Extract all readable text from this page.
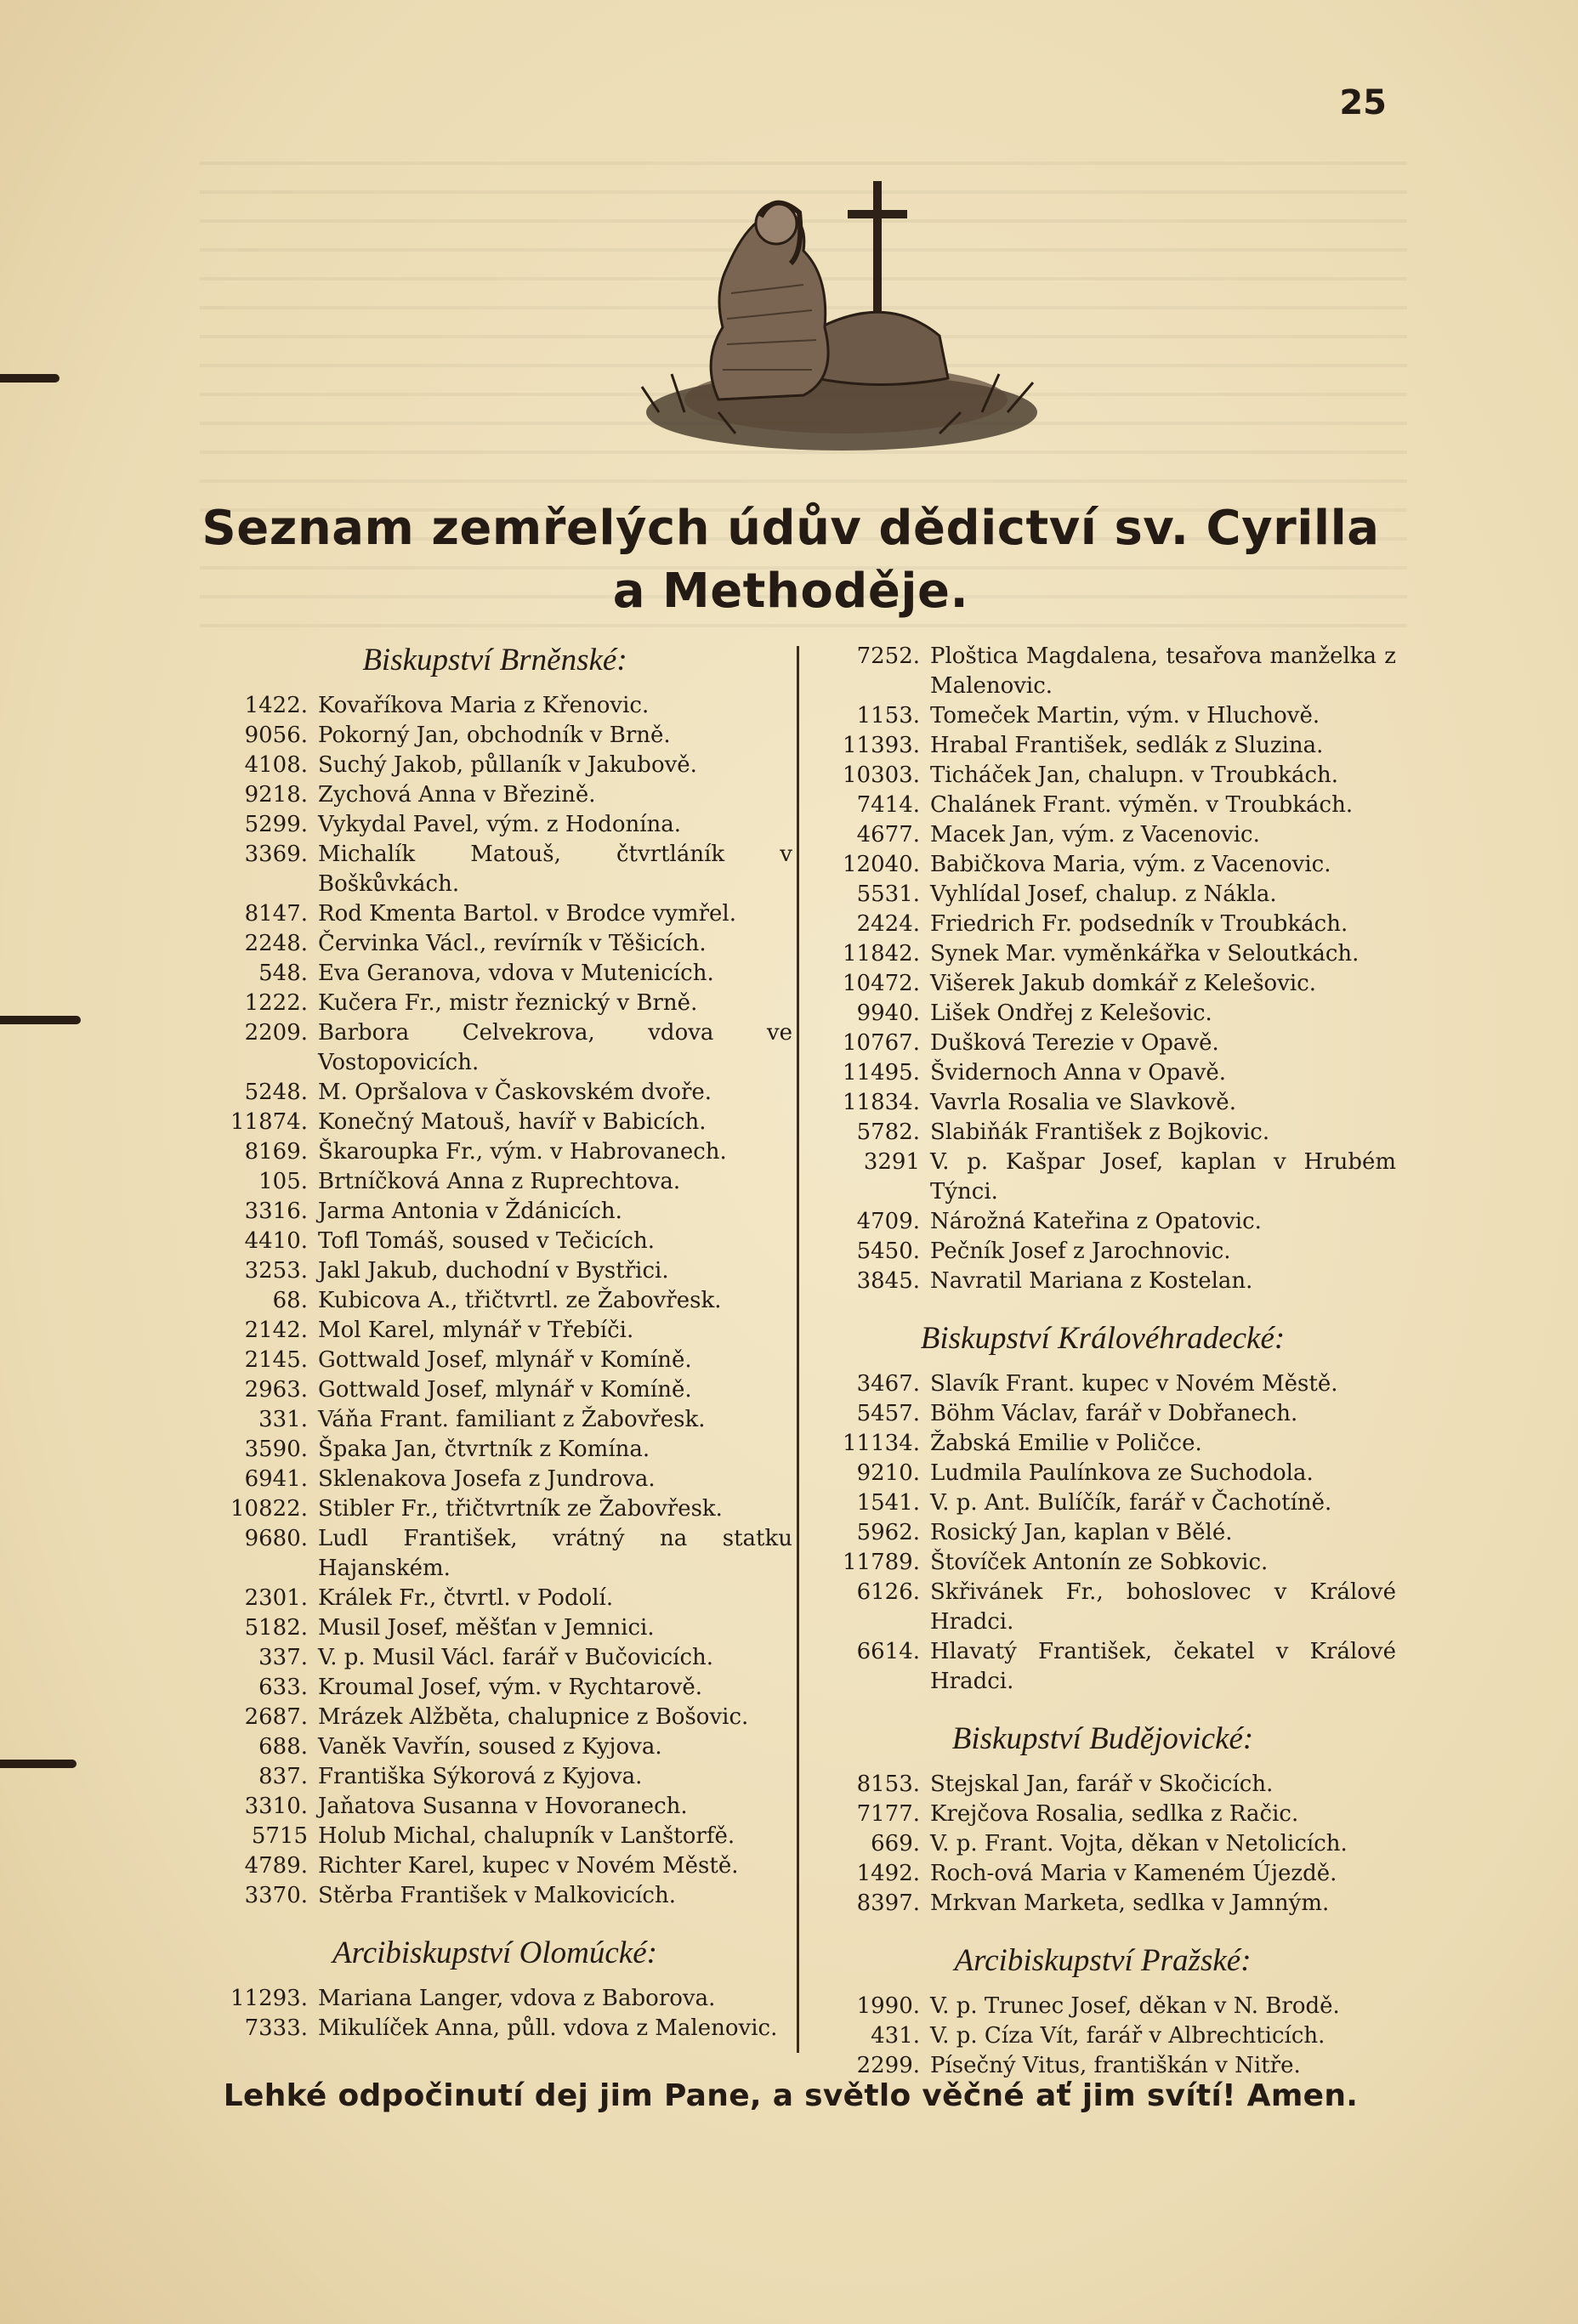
25
Seznam zemřelých údův dědictví sv. Cyrilla
a Methoděje.
Biskupství Brněnské:
1422. Kovaříkova Maria z Křenovic.
9056. Pokorný Jan, obchodník v Brně.
4108. Suchý Jakob, půllaník v Jakubově.
9218. Zychová Anna v Březině.
5299. Vykydal Pavel, vým. z Hodonína.
3369. Michalík Matouš, čtvrtláník v Boškůvkách.
8147. Rod Kmenta Bartol. v Brodce vymřel.
2248. Červinka Václ., revírník v Těšicích.
548. Eva Geranova, vdova v Mutenicích.
1222. Kučera Fr., mistr řeznický v Brně.
2209. Barbora Celvekrova, vdova ve Vostopovicích.
5248. M. Opršalova v Časkovském dvoře.
11874. Konečný Matouš, havíř v Babicích.
8169. Škaroupka Fr., vým. v Habrovanech.
105. Brtníčková Anna z Ruprechtova.
3316. Jarma Antonia v Ždánicích.
4410. Tofl Tomáš, soused v Tečicích.
3253. Jakl Jakub, duchodní v Bystřici.
68. Kubicova A., třičtvrtl. ze Žabovřesk.
2142. Mol Karel, mlynář v Třebíči.
2145. Gottwald Josef, mlynář v Komíně.
2963. Gottwald Josef, mlynář v Komíně.
331. Váňa Frant. familiant z Žabovřesk.
3590. Špaka Jan, čtvrtník z Komína.
6941. Sklenakova Josefa z Jundrova.
10822. Stibler Fr., třičtvrtník ze Žabovřesk.
9680. Ludl František, vrátný na statku Hajanském.
2301. Králek Fr., čtvrtl. v Podolí.
5182. Musil Josef, měšťan v Jemnici.
337. V. p. Musil Václ. farář v Bučovicích.
633. Kroumal Josef, vým. v Rychtarově.
2687. Mrázek Alžběta, chalupnice z Bošovic.
688. Vaněk Vavřín, soused z Kyjova.
837. Františka Sýkorová z Kyjova.
3310. Jaňatova Susanna v Hovoranech.
5715 Holub Michal, chalupník v Lanštorfě.
4789. Richter Karel, kupec v Novém Městě.
3370. Stěrba František v Malkovicích.
Arcibiskupství Olomúcké:
11293. Mariana Langer, vdova z Baborova.
7333. Mikulíček Anna, půll. vdova z Malenovic.
7252. Ploštica Magdalena, tesařova manželka z Malenovic.
1153. Tomeček Martin, vým. v Hluchově.
11393. Hrabal František, sedlák z Sluzina.
10303. Ticháček Jan, chalupn. v Troubkách.
7414. Chalánek Frant. výměn. v Troubkách.
4677. Macek Jan, vým. z Vacenovic.
12040. Babičkova Maria, vým. z Vacenovic.
5531. Vyhlídal Josef, chalup. z Nákla.
2424. Friedrich Fr. podsedník v Troubkách.
11842. Synek Mar. vyměnkářka v Seloutkách.
10472. Višerek Jakub domkář z Kelešovic.
9940. Lišek Ondřej z Kelešovic.
10767. Dušková Terezie v Opavě.
11495. Švidernoch Anna v Opavě.
11834. Vavrla Rosalia ve Slavkově.
5782. Slabiňák František z Bojkovic.
3291 V. p. Kašpar Josef, kaplan v Hrubém Týnci.
4709. Nárožná Kateřina z Opatovic.
5450. Pečník Josef z Jarochnovic.
3845. Navratil Mariana z Kostelan.
Biskupství Královéhradecké:
3467. Slavík Frant. kupec v Novém Městě.
5457. Böhm Václav, farář v Dobřanech.
11134. Žabská Emilie v Poličce.
9210. Ludmila Paulínkova ze Suchodola.
1541. V. p. Ant. Bulíčík, farář v Čachotíně.
5962. Rosický Jan, kaplan v Bělé.
11789. Štovíček Antonín ze Sobkovic.
6126. Skřivánek Fr., bohoslovec v Králové Hradci.
6614. Hlavatý František, čekatel v Králové Hradci.
Biskupství Budějovické:
8153. Stejskal Jan, farář v Skočicích.
7177. Krejčova Rosalia, sedlka z Račic.
669. V. p. Frant. Vojta, děkan v Netolicích.
1492. Roch-ová Maria v Kameném Újezdě.
8397. Mrkvan Marketa, sedlka v Jamným.
Arcibiskupství Pražské:
1990. V. p. Trunec Josef, děkan v N. Brodě.
431. V. p. Cíza Vít, farář v Albrechticích.
2299. Písečný Vitus, františkán v Nitře.
Lehké odpočinutí dej jim Pane, a světlo věčné ať jim svítí! Amen.
